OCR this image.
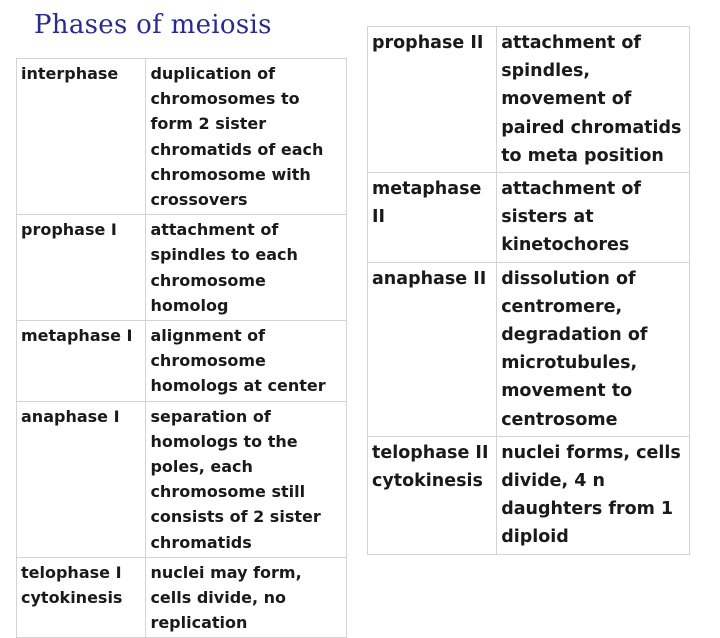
Phases of meiosis
interphase	duplication of chromosomes to form 2 sister chromatids of each chromosome with crossovers

prophase I	attachment of spindles to each chromosome homolog

metaphase I	alignment of chromosome homologs at center

anaphase I	separation of homologs to the poles, each chromosome still consists of 2 sister chromatids

telophase I
cytokinesis	nuclei may form, cells divide, no replication
prophase II	attachment of spindles, movement of paired chromatids to meta position

metaphase II	attachment of sisters at kinetochores

anaphase II	dissolution of centromere, degradation of microtubules, movement to centrosome

telophase II
cytokinesis	nuclei forms, cells divide, 4 n daughters from 1 diploid
